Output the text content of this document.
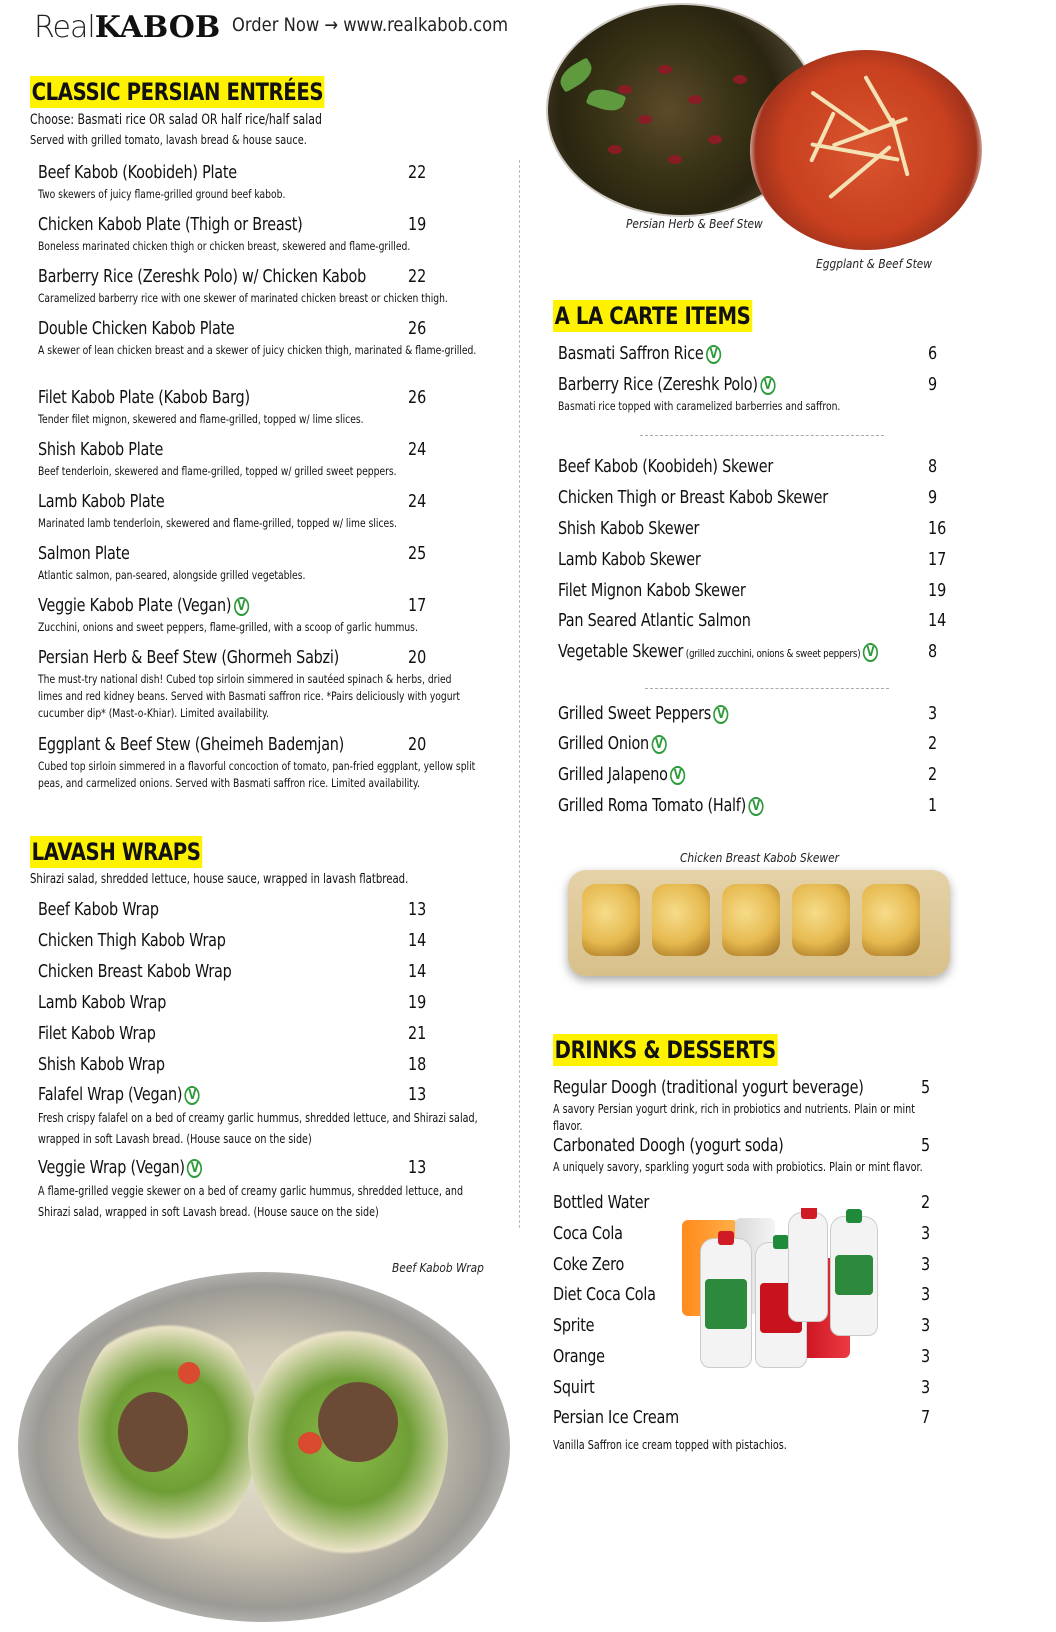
RealKABOB Order Now → www.realkabob.com
Persian Herb & Beef Stew
Eggplant & Beef Stew
CLASSIC PERSIAN ENTRÉES
Choose: Basmati rice OR salad OR half rice/half salad
Served with grilled tomato, lavash bread & house sauce.
Beef Kabob (Koobideh) Plate	22
Two skewers of juicy flame-grilled ground beef kabob.
Chicken Kabob Plate (Thigh or Breast)	19
Boneless marinated chicken thigh or chicken breast, skewered and flame-grilled.
Barberry Rice (Zereshk Polo) w/ Chicken Kabob 22
Caramelized barberry rice with one skewer of marinated chicken breast or chicken thigh.
Double Chicken Kabob Plate	26
A skewer of lean chicken breast and a skewer of juicy chicken thigh, marinated & flame-grilled.
Filet Kabob Plate (Kabob Barg)	26
Tender filet mignon, skewered and flame-grilled, topped w/ lime slices.
Shish Kabob Plate	24
Beef tenderloin, skewered and flame-grilled, topped w/ grilled sweet peppers.
Lamb Kabob Plate	24
Marinated lamb tenderloin, skewered and flame-grilled, topped w/ lime slices.
Salmon Plate	25
Atlantic salmon, pan-seared, alongside grilled vegetables.
Veggie Kabob Plate (Vegan) V	17
Zucchini, onions and sweet peppers, flame-grilled, with a scoop of garlic hummus.
Persian Herb & Beef Stew (Ghormeh Sabzi)	20
The must-try national dish! Cubed top sirloin simmered in sautéed spinach & herbs, dried limes and red kidney beans. Served with Basmati saffron rice. *Pairs deliciously with yogurt cucumber dip* (Mast-o-Khiar). Limited availability.
Eggplant & Beef Stew (Gheimeh Bademjan)	20
Cubed top sirloin simmered in a flavorful concoction of tomato, pan-fried eggplant, yellow split peas, and carmelized onions. Served with Basmati saffron rice. Limited availability.
LAVASH WRAPS
Shirazi salad, shredded lettuce, house sauce, wrapped in lavash flatbread.
Beef Kabob Wrap	13
Chicken Thigh Kabob Wrap	14
Chicken Breast Kabob Wrap	14
Lamb Kabob Wrap	19
Filet Kabob Wrap	21
Shish Kabob Wrap	18
Falafel Wrap (Vegan) V	13
Fresh crispy falafel on a bed of creamy garlic hummus, shredded lettuce, and Shirazi salad, wrapped in soft Lavash bread. (House sauce on the side)
Veggie Wrap (Vegan) V	13
A flame-grilled veggie skewer on a bed of creamy garlic hummus, shredded lettuce, and Shirazi salad, wrapped in soft Lavash bread. (House sauce on the side)
Beef Kabob Wrap
A LA CARTE ITEMS
Basmati Saffron Rice V	6
Barberry Rice (Zereshk Polo) V	9
Basmati rice topped with caramelized barberries and saffron.
Beef Kabob (Koobideh) Skewer	8
Chicken Thigh or Breast Kabob Skewer	9
Shish Kabob Skewer	16
Lamb Kabob Skewer	17
Filet Mignon Kabob Skewer	19
Pan Seared Atlantic Salmon	14
Vegetable Skewer (grilled zucchini, onions & sweet peppers) V	8
Grilled Sweet Peppers V	3
Grilled Onion V	2
Grilled Jalapeno V	2
Grilled Roma Tomato (Half) V	1
Chicken Breast Kabob Skewer
DRINKS & DESSERTS
Regular Doogh (traditional yogurt beverage)	5
A savory Persian yogurt drink, rich in probiotics and nutrients. Plain or mint flavor.
Carbonated Doogh (yogurt soda)	5
A uniquely savory, sparkling yogurt soda with probiotics. Plain or mint flavor.
Bottled Water	2
Coca Cola	3
Coke Zero	3
Diet Coca Cola	3
Sprite	3
Orange	3
Squirt	3
Persian Ice Cream	7
Vanilla Saffron ice cream topped with pistachios.
